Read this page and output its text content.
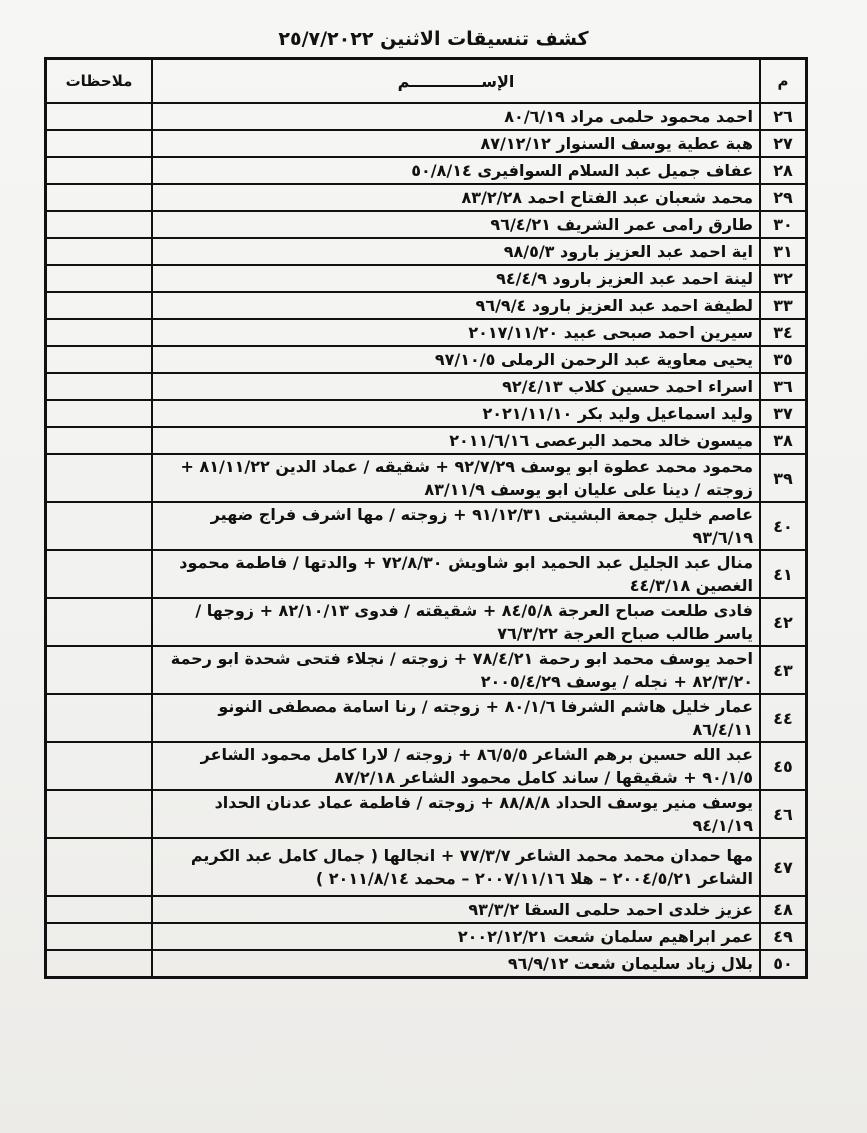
كشف تنسيقات الاثنين ٢٥/٧/٢٠٢٢
م	الإســـــــــــــم	ملاحظات
٢٦	احمد محمود حلمى مراد ٨٠/٦/١٩	
٢٧	هبة عطية يوسف السنوار ٨٧/١٢/١٢	
٢٨	عفاف جميل عبد السلام السوافيرى ٥٠/٨/١٤	
٢٩	محمد شعبان عبد الفتاح احمد ٨٣/٢/٢٨	
٣٠	طارق رامى عمر الشريف ٩٦/٤/٢١	
٣١	اية احمد عبد العزيز بارود ٩٨/٥/٣	
٣٢	لينة احمد عبد العزيز بارود ٩٤/٤/٩	
٣٣	لطيفة احمد عبد العزيز بارود ٩٦/٩/٤	
٣٤	سيرين احمد صبحى عبيد ٢٠١٧/١١/٢٠	
٣٥	يحيى معاوية عبد الرحمن الرملى ٩٧/١٠/٥	
٣٦	اسراء احمد حسين كلاب ٩٢/٤/١٣	
٣٧	وليد اسماعيل وليد بكر ٢٠٢١/١١/١٠	
٣٨	ميسون خالد محمد البرعصى ٢٠١١/٦/١٦	
٣٩	محمود محمد عطوة ابو يوسف ٩٢/٧/٢٩ + شقيقه / عماد الدين ٨١/١١/٢٢ + زوجته / دينا على عليان ابو يوسف ٨٣/١١/٩	
٤٠	عاصم خليل جمعة البشيتى ٩١/١٢/٣١ + زوجته / مها اشرف فراج ضهير ٩٣/٦/١٩	
٤١	منال عبد الجليل عبد الحميد ابو شاويش ٧٢/٨/٣٠ + والدتها / فاطمة محمود الغصين ٤٤/٣/١٨	
٤٢	فادى طلعت صباح العرجة ٨٤/٥/٨ + شقيقته / فدوى ٨٢/١٠/١٣ + زوجها / ياسر طالب صباح العرجة ٧٦/٣/٢٢	
٤٣	احمد يوسف محمد ابو رحمة ٧٨/٤/٢١ + زوجته / نجلاء فتحى شحدة ابو رحمة ٨٢/٣/٢٠ + نجله / يوسف ٢٠٠٥/٤/٢٩	
٤٤	عمار خليل هاشم الشرفا ٨٠/١/٦ + زوجته / رنا اسامة مصطفى النونو ٨٦/٤/١١	
٤٥	عبد الله حسين برهم الشاعر ٨٦/٥/٥ + زوجته / لارا كامل محمود الشاعر ٩٠/١/٥ + شقيقها / ساند كامل محمود الشاعر ٨٧/٢/١٨	
٤٦	يوسف منير يوسف الحداد ٨٨/٨/٨ + زوجته / فاطمة عماد عدنان الحداد ٩٤/١/١٩	
٤٧	مها حمدان محمد محمد الشاعر ٧٧/٣/٧ + انجالها ( جمال كامل عبد الكريم الشاعر ٢٠٠٤/٥/٢١ – هلا ٢٠٠٧/١١/١٦ – محمد ٢٠١١/٨/١٤ )	
٤٨	عزيز خلدى احمد حلمى السقا ٩٣/٣/٢	
٤٩	عمر ابراهيم سلمان شعت ٢٠٠٢/١٢/٢١	
٥٠	بلال زياد سليمان شعت ٩٦/٩/١٢	
